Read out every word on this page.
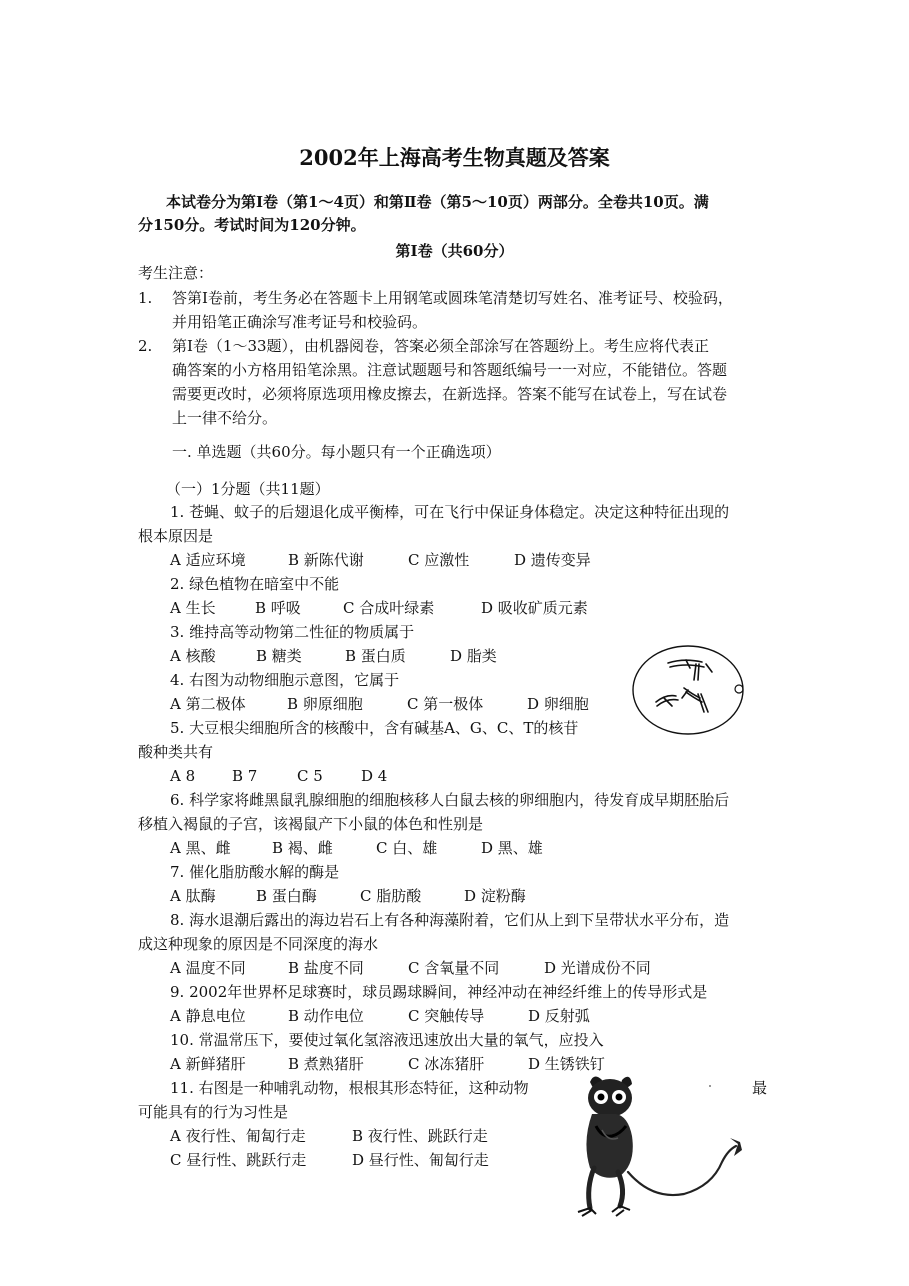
2002年上海高考生物真题及答案
本试卷分为第Ⅰ卷（第1～4页）和第Ⅱ卷（第5～10页）两部分。全卷共10页。满
分150分。考试时间为120分钟。
第Ⅰ卷（共60分）
考生注意：
1. 答第Ⅰ卷前，考生务必在答题卡上用钢笔或圆珠笔清楚切写姓名、准考证号、校验码，
并用铅笔正确涂写准考证号和校验码。
2. 第Ⅰ卷（1～33题），由机器阅卷，答案必须全部涂写在答题纷上。考生应将代表正
确答案的小方格用铅笔涂黑。注意试题题号和答题纸编号一一对应，不能错位。答题
需要更改时，必须将原选项用橡皮擦去，在新选择。答案不能写在试卷上，写在试卷
上一律不给分。
一. 单选题（共60分。每小题只有一个正确选项）
（一）1分题（共11题）
1. 苍蝇、蚊子的后翅退化成平衡棒，可在飞行中保证身体稳定。决定这种特征出现的
根本原因是
A 适应环境	B 新陈代谢	C 应激性	D 遗传变异
2. 绿色植物在暗室中不能
A 生长	B 呼吸	C 合成叶绿素	D 吸收矿质元素
3. 维持高等动物第二性征的物质属于
A 核酸	B 糖类	B 蛋白质	D 脂类
4. 右图为动物细胞示意图，它属于
A 第二极体	B 卵原细胞	C 第一极体	D 卵细胞
5. 大豆根尖细胞所含的核酸中，含有碱基A、G、C、T的核苷
酸种类共有
A 8 B 7	C 5	D 4
6. 科学家将雌黑鼠乳腺细胞的细胞核移人白鼠去核的卵细胞内，待发育成早期胚胎后
移植入褐鼠的子宫，该褐鼠产下小鼠的体色和性别是
A 黑、雌	B 褐、雌	C 白、雄	D 黑、雄
7. 催化脂肪酸水解的酶是
A 肽酶	B 蛋白酶	C 脂肪酸	D 淀粉酶
8. 海水退潮后露出的海边岩石上有各种海藻附着，它们从上到下呈带状水平分布，造
成这种现象的原因是不同深度的海水
A 温度不同	B 盐度不同	C 含氧量不同	D 光谱成份不同
9. 2002年世界杯足球赛时，球员踢球瞬间，神经冲动在神经纤维上的传导形式是
A 静息电位	B 动作电位	C 突触传导	D 反射弧
10. 常温常压下，要使过氧化氢溶液迅速放出大量的氧气，应投入
A 新鲜猪肝	B 煮熟猪肝	C 冰冻猪肝	D 生锈铁钉
11. 右图是一种哺乳动物，根根其形态特征，这种动物	最
可能具有的行为习性是
A 夜行性、匍匐行走	B 夜行性、跳跃行走
C 昼行性、跳跃行走	D 昼行性、匍匐行走
